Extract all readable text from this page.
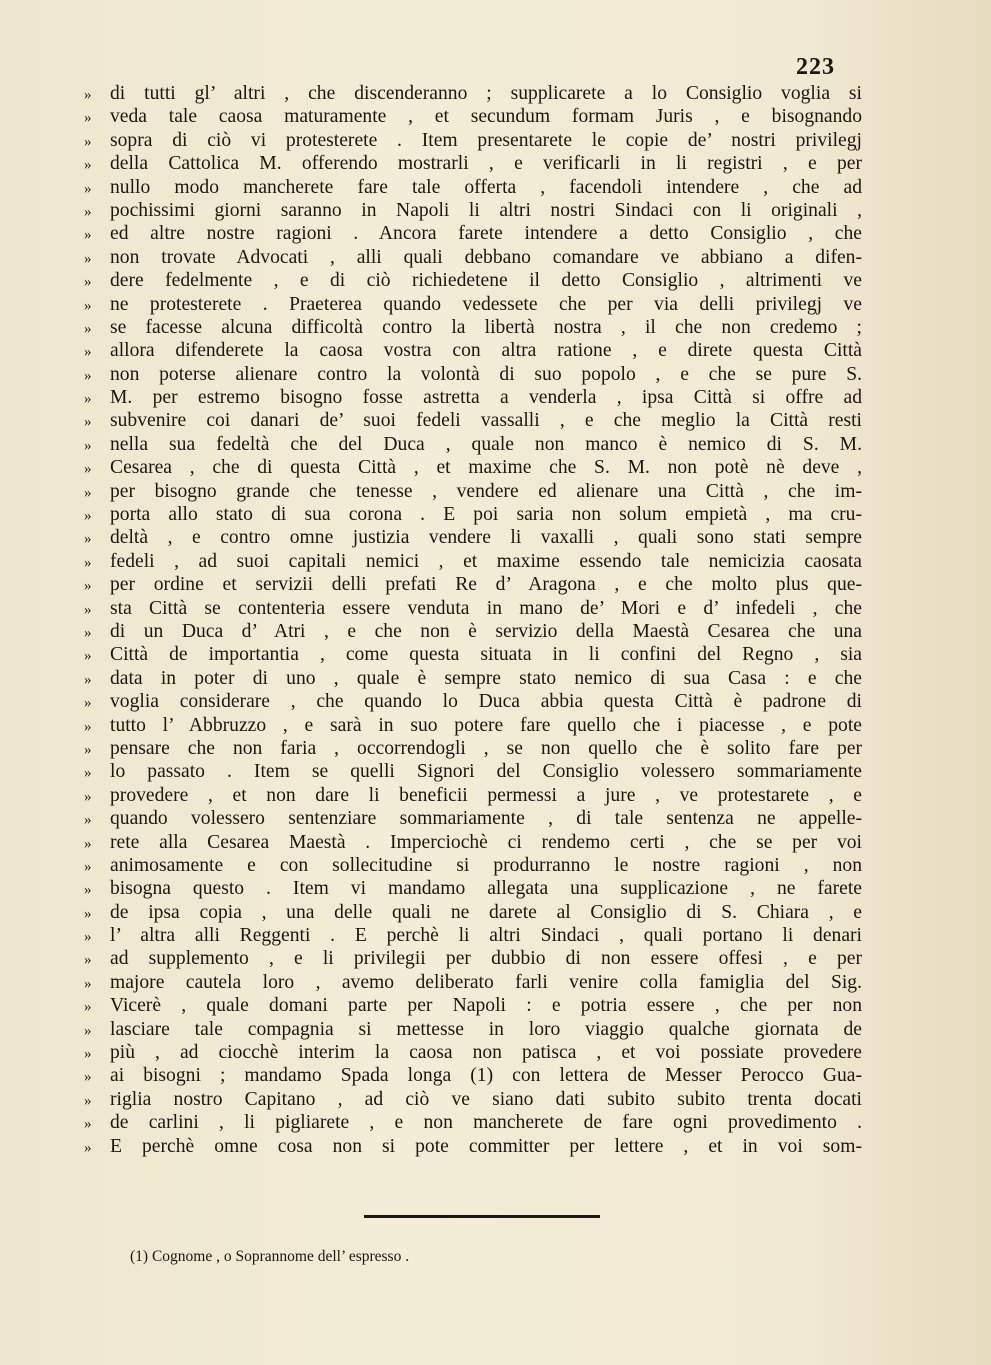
223
» di tutti gl’ altri , che discenderanno ; supplicarete a lo Consiglio voglia si
» veda tale caosa maturamente , et secundum formam Juris , e bisognando
» sopra di ciò vi protesterete . Item presentarete le copie de’ nostri privilegj
» della Cattolica M. offerendo mostrarli , e verificarli in li registri , e per
» nullo modo mancherete fare tale offerta , facendoli intendere , che ad
» pochissimi giorni saranno in Napoli li altri nostri Sindaci con li originali ,
» ed altre nostre ragioni . Ancora farete intendere a detto Consiglio , che
» non trovate Advocati , alli quali debbano comandare ve abbiano a difen-
» dere fedelmente , e di ciò richiedetene il detto Consiglio , altrimenti ve
» ne protesterete . Praeterea quando vedessete che per via delli privilegj ve
» se facesse alcuna difficoltà contro la libertà nostra , il che non credemo ;
» allora difenderete la caosa vostra con altra ratione , e direte questa Città
» non poterse alienare contro la volontà di suo popolo , e che se pure S.
» M. per estremo bisogno fosse astretta a venderla , ipsa Città si offre ad
» subvenire coi danari de’ suoi fedeli vassalli , e che meglio la Città resti
» nella sua fedeltà che del Duca , quale non manco è nemico di S. M.
» Cesarea , che di questa Città , et maxime che S. M. non potè nè deve ,
» per bisogno grande che tenesse , vendere ed alienare una Città , che im-
» porta allo stato di sua corona . E poi saria non solum empietà , ma cru-
» deltà , e contro omne justizia vendere li vaxalli , quali sono stati sempre
» fedeli , ad suoi capitali nemici , et maxime essendo tale nemicizia caosata
» per ordine et servizii delli prefati Re d’ Aragona , e che molto plus que-
» sta Città se contenteria essere venduta in mano de’ Mori e d’ infedeli , che
» di un Duca d’ Atri , e che non è servizio della Maestà Cesarea che una
» Città de importantia , come questa situata in li confini del Regno , sia
» data in poter di uno , quale è sempre stato nemico di sua Casa : e che
» voglia considerare , che quando lo Duca abbia questa Città è padrone di
» tutto l’ Abbruzzo , e sarà in suo potere fare quello che i piacesse , e pote
» pensare che non faria , occorrendogli , se non quello che è solito fare per
» lo passato . Item se quelli Signori del Consiglio volessero sommariamente
» provedere , et non dare li beneficii permessi a jure , ve protestarete , e
» quando volessero sentenziare sommariamente , di tale sentenza ne appelle-
» rete alla Cesarea Maestà . Imperciochè ci rendemo certi , che se per voi
» animosamente e con sollecitudine si produrranno le nostre ragioni , non
» bisogna questo . Item vi mandamo allegata una supplicazione , ne farete
» de ipsa copia , una delle quali ne darete al Consiglio di S. Chiara , e
» l’ altra alli Reggenti . E perchè li altri Sindaci , quali portano li denari
» ad supplemento , e li privilegii per dubbio di non essere offesi , e per
» majore cautela loro , avemo deliberato farli venire colla famiglia del Sig.
» Vicerè , quale domani parte per Napoli : e potria essere , che per non
» lasciare tale compagnia si mettesse in loro viaggio qualche giornata de
» più , ad ciocchè interim la caosa non patisca , et voi possiate provedere
» ai bisogni ; mandamo Spada longa (1) con lettera de Messer Perocco Gua-
» riglia nostro Capitano , ad ciò ve siano dati subito subito trenta docati
» de carlini , li pigliarete , e non mancherete de fare ogni provedimento .
» E perchè omne cosa non si pote committer per lettere , et in voi som-
(1) Cognome , o Soprannome dell’ espresso .
